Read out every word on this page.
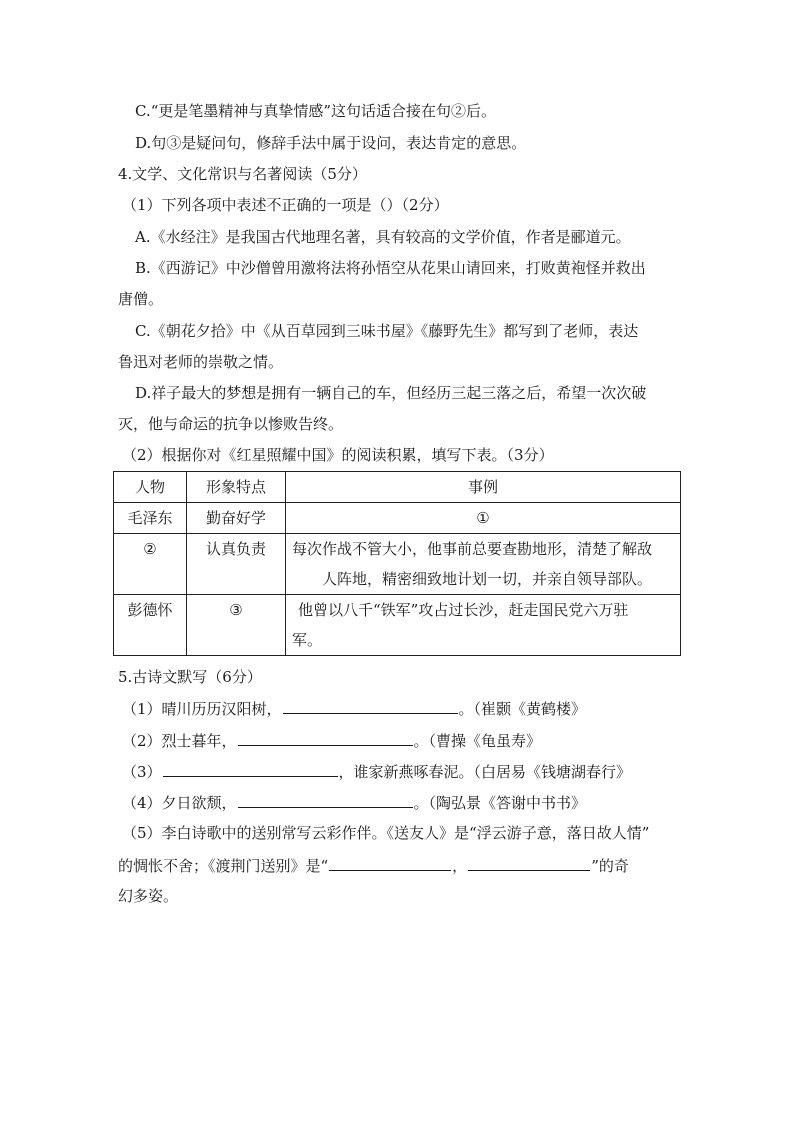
C.“更是笔墨精神与真挚情感”这句话适合接在句②后。
D.句③是疑问句，修辞手法中属于设问，表达肯定的意思。
4.文学、文化常识与名著阅读（5分）
（1）下列各项中表述不正确的一项是（）（2分）
A.《水经注》是我国古代地理名著，具有较高的文学价值，作者是郦道元。
B.《西游记》中沙僧曾用激将法将孙悟空从花果山请回来，打败黄袍怪并救出
唐僧。
C.《朝花夕拾》中《从百草园到三味书屋》《藤野先生》都写到了老师，表达
鲁迅对老师的崇敬之情。
D.祥子最大的梦想是拥有一辆自己的车，但经历三起三落之后，希望一次次破
灭，他与命运的抗争以惨败告终。
（2）根据你对《红星照耀中国》的阅读积累，填写下表。（3分）
人物	形象特点	事例
毛泽东	勤奋好学	①
②	认真负责	每次作战不管大小，他事前总要查勘地形，清楚了解敌
人阵地，精密细致地计划一切，并亲自领导部队。

彭德怀	③	他曾以八千“铁军”攻占过长沙，赶走国民党六万驻
军。
5.古诗文默写（6分）
（1）晴川历历汉阳树，	。（崔颢《黄鹤楼》
（2）烈士暮年，	。（曹操《龟虽寿》
（3）	，谁家新燕啄春泥。（白居易《钱塘湖春行》
（4）夕日欲颓，	。（陶弘景《答谢中书书》
（5）李白诗歌中的送别常写云彩作伴。《送友人》是“浮云游子意，落日故人情”
的惆怅不舍；《渡荆门送别》是“	，	”的奇
幻多姿。
